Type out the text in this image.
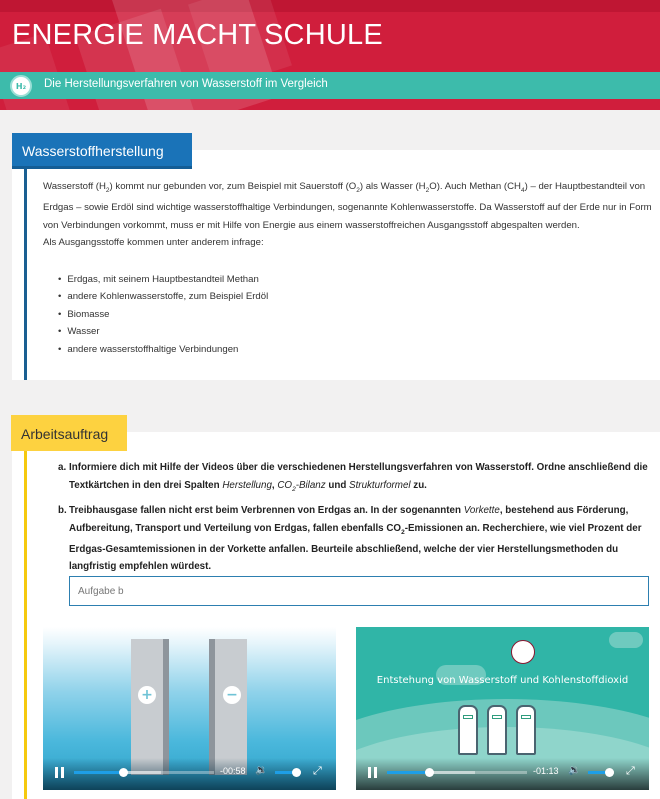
ENERGIE MACHT SCHULE
H₂	Die Herstellungsverfahren von Wasserstoff im Vergleich
Wasserstoffherstellung

Wasserstoff $(H_2)$ kommt nur gebunden vor, zum Beispiel mit Sauerstoff $(O_2)$ als Wasser $(H_2O)$. Auch Methan $(CH_4)$ – der Hauptbestandteil von Erdgas – sowie Erdöl sind wichtige wasserstoffhaltige Verbindungen, sogenannte Kohlenwasserstoffe. Da Wasserstoff auf der Erde nur in Form von Verbindungen vorkommt, muss er mit Hilfe von Energie aus einem wasserstoffreichen Ausgangsstoff abgespalten werden.

Als Ausgangsstoffe kommen unter anderem infrage:

• Erdgas, mit seinem Hauptbestandteil Methan
• andere Kohlenwasserstoffe, zum Beispiel Erdöl
• Biomasse
• Wasser
• andere wasserstoffhaltige Verbindungen
Arbeitsauftrag
a. Informiere dich mit Hilfe der Videos über die verschiedenen Herstellungsverfahren von Wasserstoff. Ordne anschließend die Textkärtchen in den drei Spalten Herstellung, $CO_2$-Bilanz und Strukturformel zu.
b. Treibhausgase fallen nicht erst beim Verbrennen von Erdgas an. In der sogenannten Vorkette, bestehend aus Förderung, Aufbereitung, Transport und Verteilung von Erdgas, fallen ebenfalls $CO_2$-Emissionen an. Recherchiere, wie viel Prozent der Erdgas-Gesamtemissionen in der Vorkette anfallen. Beurteile abschließend, welche der vier Herstellungsmethoden du langfristig empfehlen würdest.
Aufgabe b
+	−
-00:58 🔉	⤢
Entstehung von Wasserstoff und Kohlenstoffdioxid
-01:13 🔉	⤢
